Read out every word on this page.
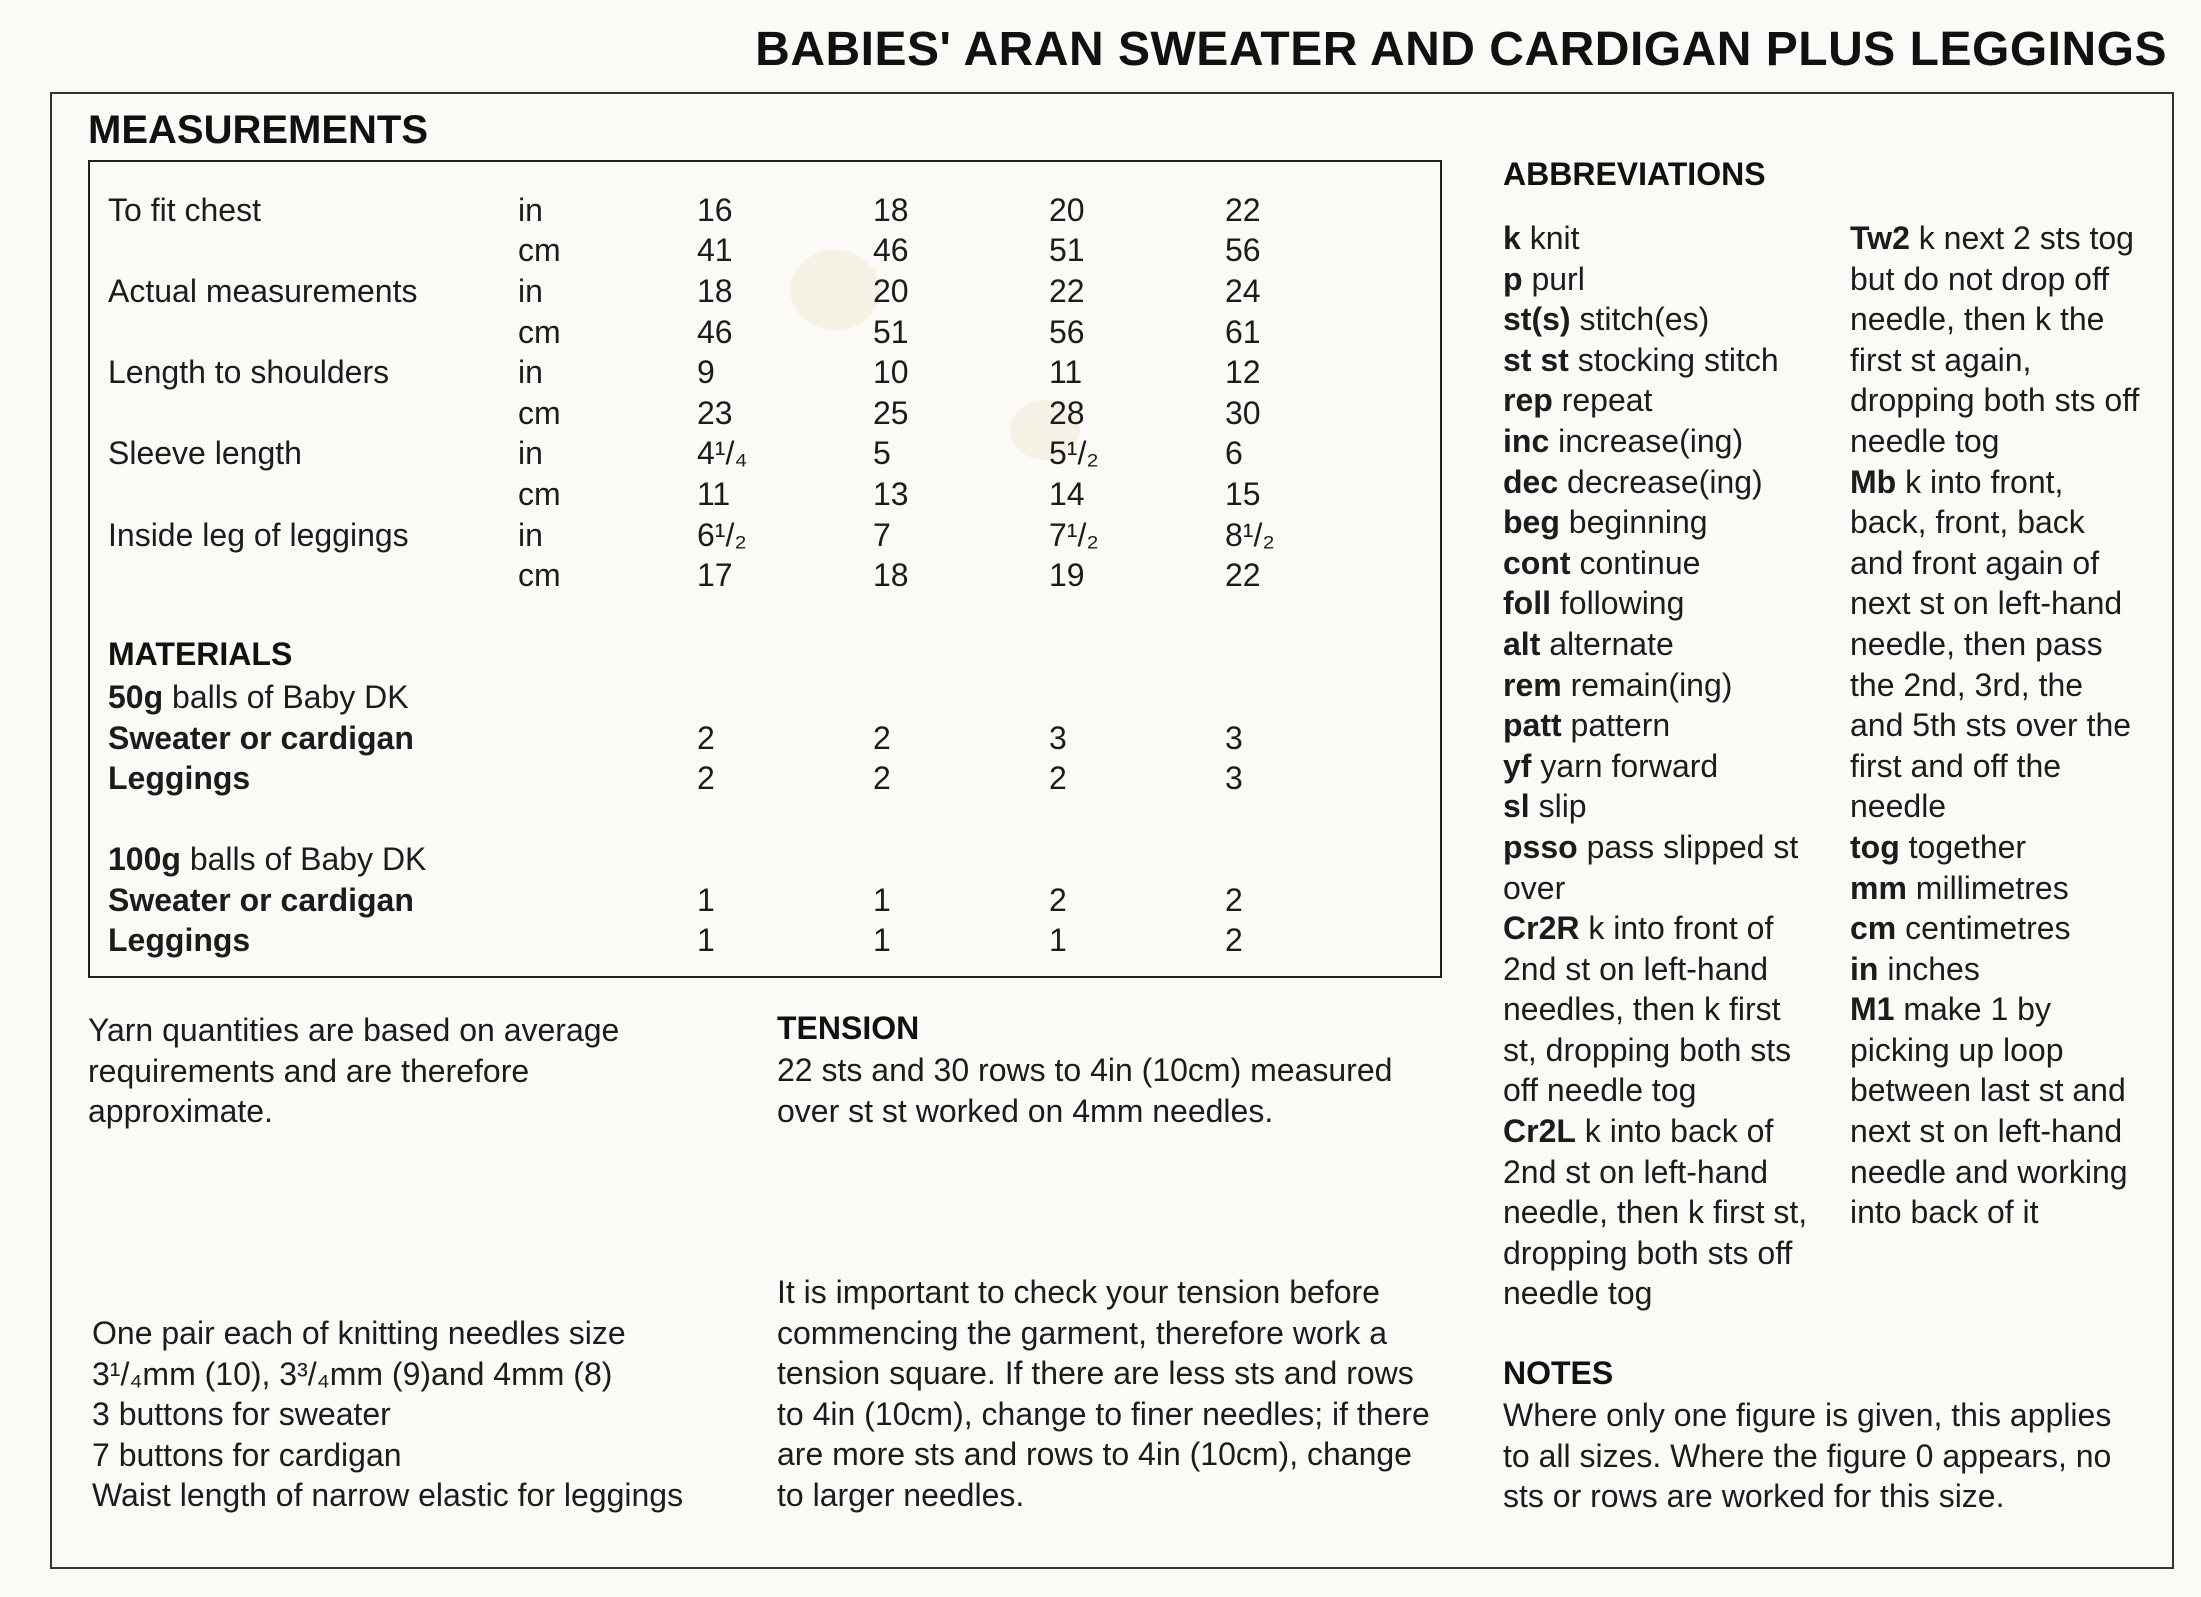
BABIES' ARAN SWEATER AND CARDIGAN PLUS LEGGINGS
MEASUREMENTS
To fit chest	in	16	18	20	22
cm	41	46	51	56
Actual measurements	in	18	20	22	24
cm	46	51	56	61
Length to shoulders	in	9	10	11	12
cm	23	25	28	30
Sleeve length	in	4¹/₄	5	5¹/₂	6
cm	11	13	14	15
Inside leg of leggings	in	6¹/₂	7	7¹/₂	8¹/₂
cm	17	18	19	22
MATERIALS
50g balls of Baby DK
Sweater or cardigan	2	2	3	3
Leggings	2	2	2	3
100g balls of Baby DK
Sweater or cardigan	1	1	2	2
Leggings	1	1	1	2
Yarn quantities are based on average
requirements and are therefore
approximate.
One pair each of knitting needles size
3¹/₄mm (10), 3³/₄mm (9)and 4mm (8)
3 buttons for sweater
7 buttons for cardigan
Waist length of narrow elastic for leggings
TENSION
22 sts and 30 rows to 4in (10cm) measured
over st st worked on 4mm needles.
It is important to check your tension before
commencing the garment, therefore work a
tension square. If there are less sts and rows
to 4in (10cm), change to finer needles; if there
are more sts and rows to 4in (10cm), change
to larger needles.
ABBREVIATIONS
k knit
p purl
st(s) stitch(es)
st st stocking stitch
rep repeat
inc increase(ing)
dec decrease(ing)
beg beginning
cont continue
foll following
alt alternate
rem remain(ing)
patt pattern
yf yarn forward
sl slip
psso pass slipped st
over
Cr2R k into front of
2nd st on left-hand
needles, then k first
st, dropping both sts
off needle tog
Cr2L k into back of
2nd st on left-hand
needle, then k first st,
dropping both sts off
needle tog
Tw2 k next 2 sts tog
but do not drop off
needle, then k the
first st again,
dropping both sts off
needle tog
Mb k into front,
back, front, back
and front again of
next st on left-hand
needle, then pass
the 2nd, 3rd, the
and 5th sts over the
first and off the
needle
tog together
mm millimetres
cm centimetres
in inches
M1 make 1 by
picking up loop
between last st and
next st on left-hand
needle and working
into back of it
NOTES
Where only one figure is given, this applies
to all sizes. Where the figure 0 appears, no
sts or rows are worked for this size.
